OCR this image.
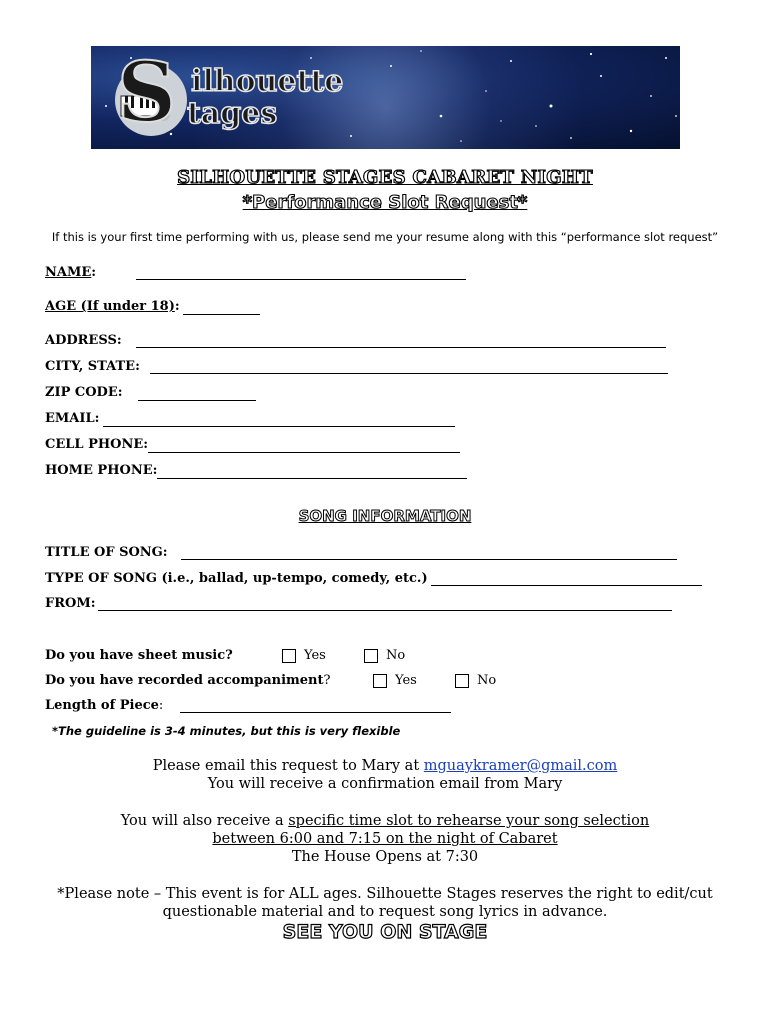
S ilhouette
tages
SILHOUETTE STAGES CABARET NIGHT
*Performance Slot Request*
If this is your first time performing with us, please send me your resume along with this “performance slot request”
NAME:
AGE (If under 18):
ADDRESS:
CITY, STATE:
ZIP CODE:
EMAIL:
CELL PHONE:
HOME PHONE:
SONG INFORMATION
TITLE OF SONG:
TYPE OF SONG (i.e., ballad, up-tempo, comedy, etc.)
FROM:
Do you have sheet music?	Yes	No
Do you have recorded accompaniment?	Yes	No
Length of Piece:
*The guideline is 3-4 minutes, but this is very flexible
Please email this request to Mary at mguaykramer@gmail.com
You will receive a confirmation email from Mary
You will also receive a specific time slot to rehearse your song selection
between 6:00 and 7:15 on the night of Cabaret
The House Opens at 7:30
*Please note – This event is for ALL ages. Silhouette Stages reserves the right to edit/cut
questionable material and to request song lyrics in advance.
SEE YOU ON STAGE
